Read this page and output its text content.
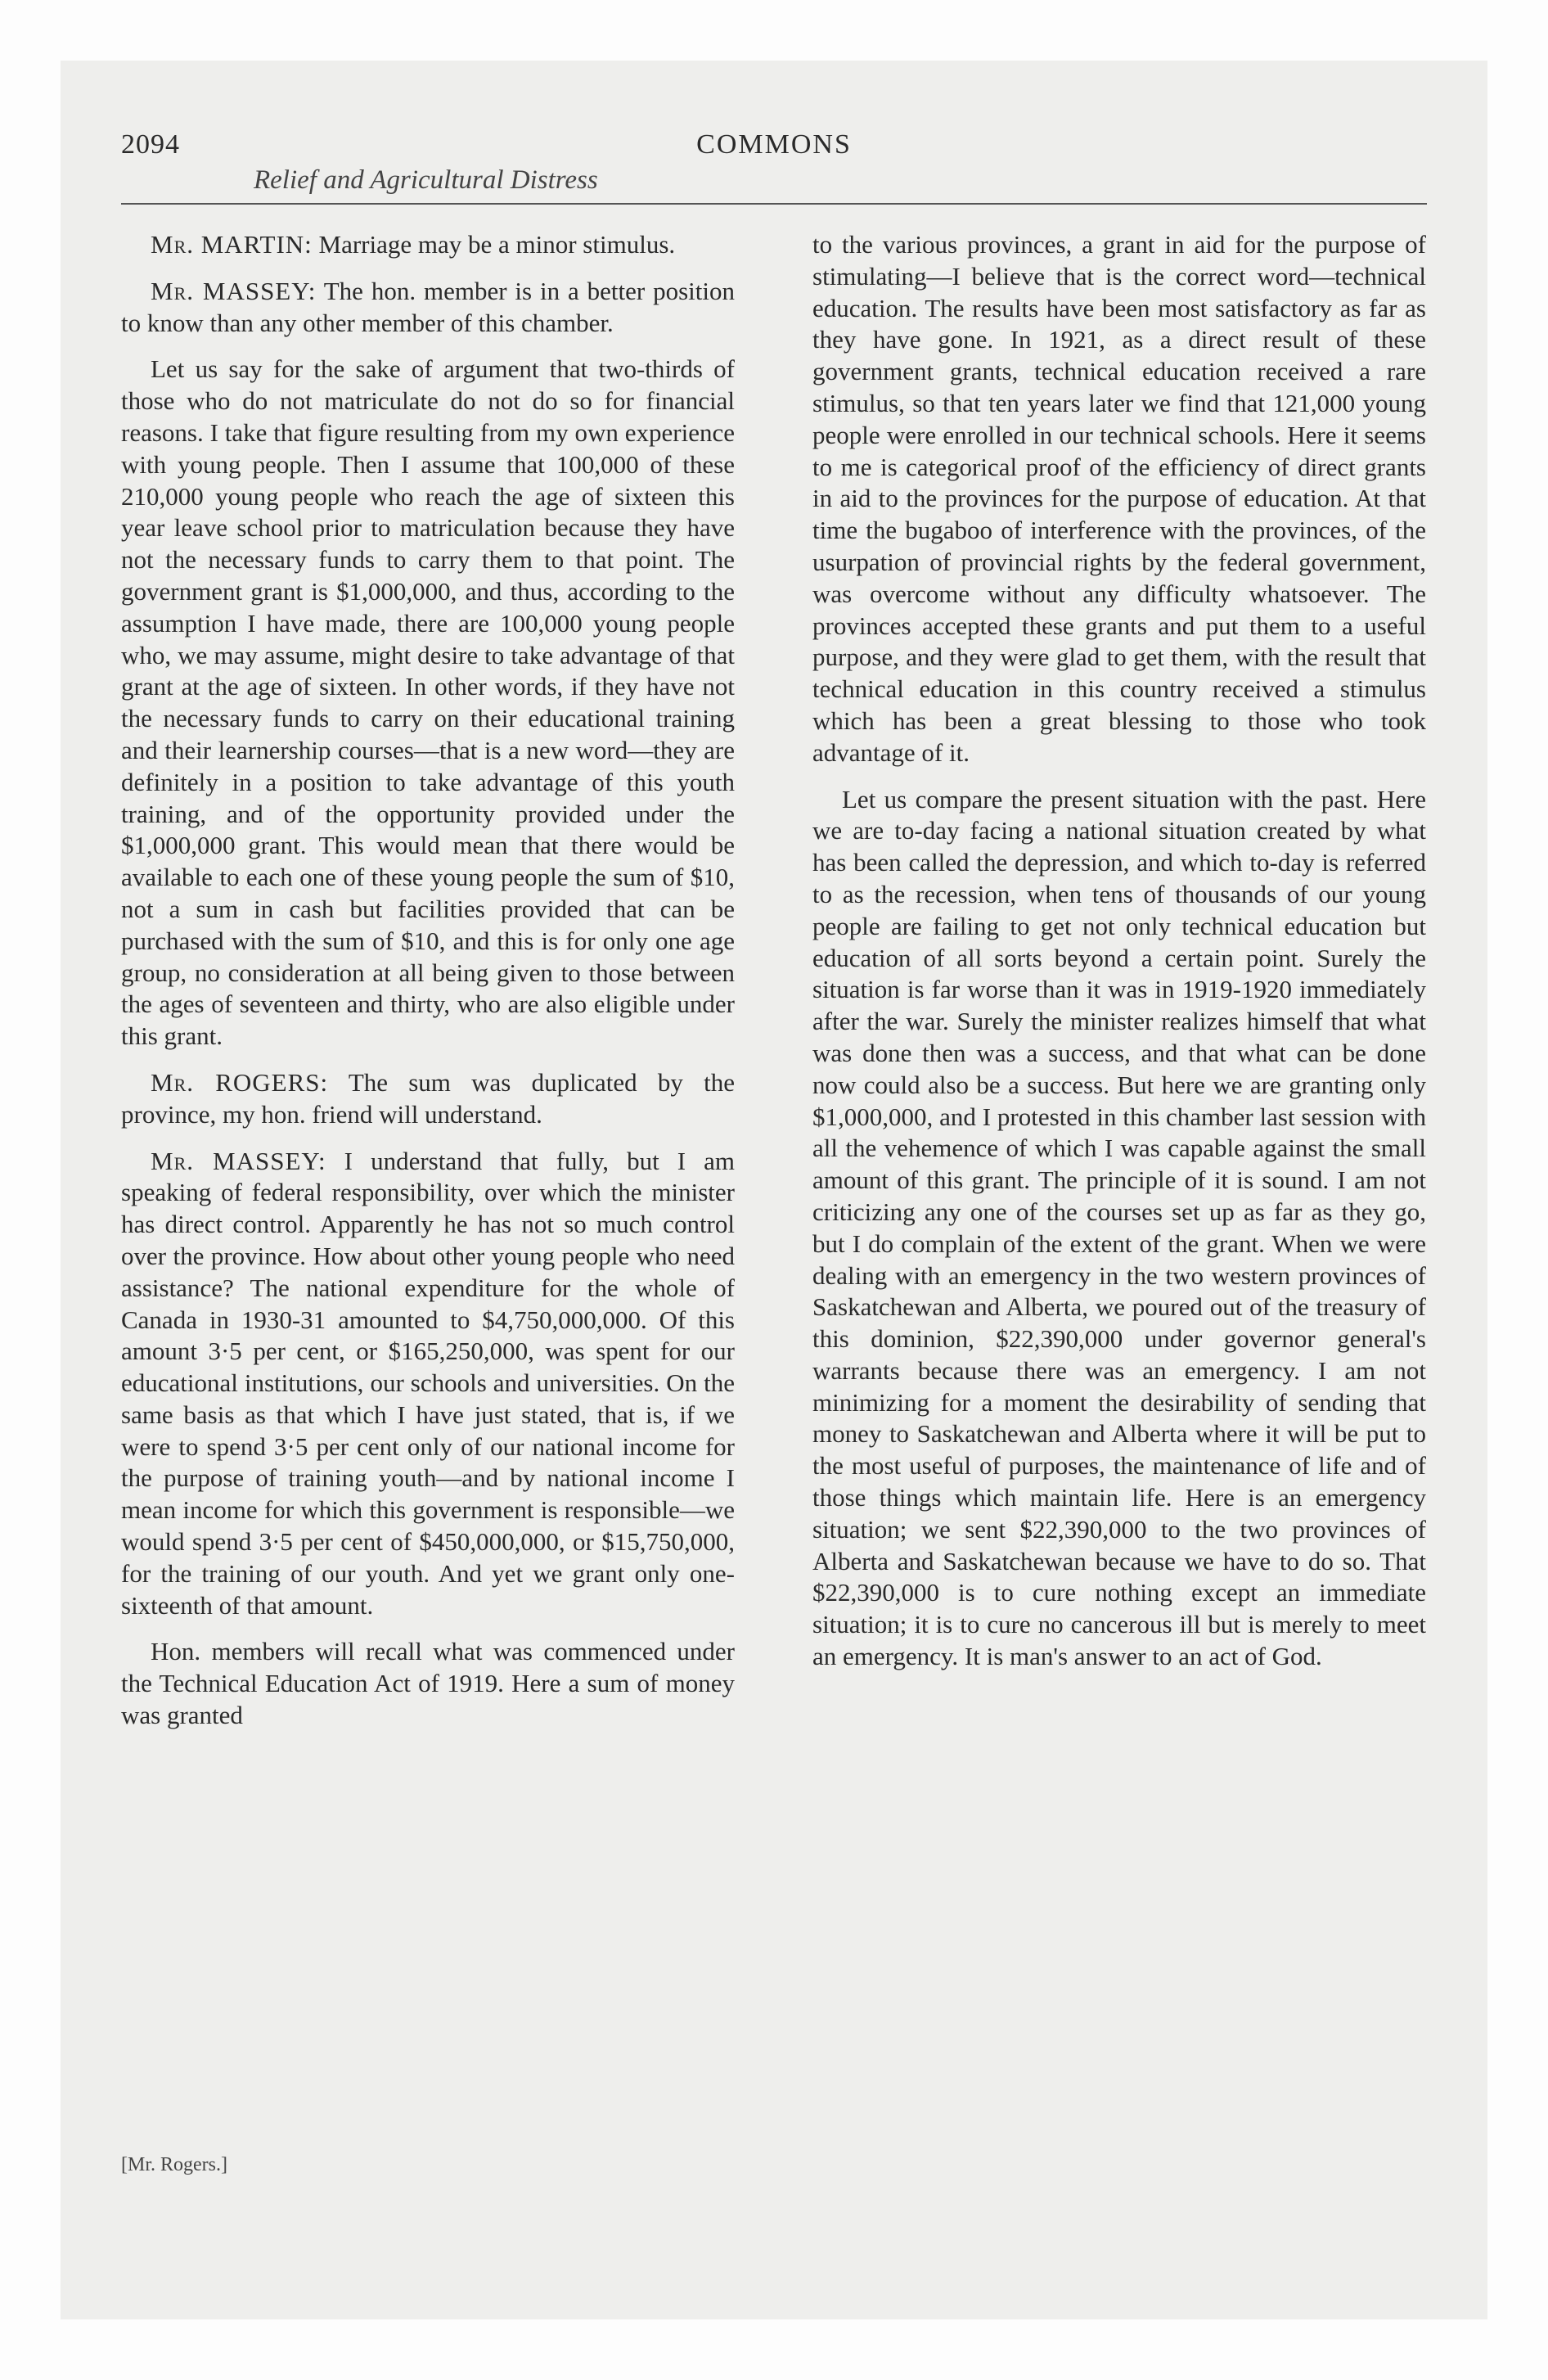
2094	COMMONS
Relief and Agricultural Distress

Mr. MARTIN: Marriage may be a minor stimulus.

Mr. MASSEY: The hon. member is in a better position to know than any other member of this chamber.

Let us say for the sake of argument that two-thirds of those who do not matriculate do not do so for financial reasons. I take that figure resulting from my own experience with young people. Then I assume that 100,000 of these 210,000 young people who reach the age of sixteen this year leave school prior to matriculation because they have not the necessary funds to carry them to that point. The government grant is $1,000,000, and thus, according to the assumption I have made, there are 100,000 young people who, we may assume, might desire to take advantage of that grant at the age of sixteen. In other words, if they have not the necessary funds to carry on their educational training and their learnership courses—that is a new word—they are definitely in a position to take advantage of this youth training, and of the opportunity provided under the $1,000,000 grant. This would mean that there would be available to each one of these young people the sum of $10, not a sum in cash but facilities provided that can be purchased with the sum of $10, and this is for only one age group, no consideration at all being given to those between the ages of seventeen and thirty, who are also eligible under this grant.

Mr. ROGERS: The sum was duplicated by the province, my hon. friend will understand.

Mr. MASSEY: I understand that fully, but I am speaking of federal responsibility, over which the minister has direct control. Apparently he has not so much control over the province. How about other young people who need assistance? The national expenditure for the whole of Canada in 1930-31 amounted to $4,750,000,000. Of this amount 3·5 per cent, or $165,250,000, was spent for our educational institutions, our schools and universities. On the same basis as that which I have just stated, that is, if we were to spend 3·5 per cent only of our national income for the purpose of training youth—and by national income I mean income for which this government is responsible—we would spend 3·5 per cent of $450,000,000, or $15,750,000, for the training of our youth. And yet we grant only one-sixteenth of that amount.

Hon. members will recall what was commenced under the Technical Education Act of 1919. Here a sum of money was granted

to the various provinces, a grant in aid for the purpose of stimulating—I believe that is the correct word—technical education. The results have been most satisfactory as far as they have gone. In 1921, as a direct result of these government grants, technical education received a rare stimulus, so that ten years later we find that 121,000 young people were enrolled in our technical schools. Here it seems to me is categorical proof of the efficiency of direct grants in aid to the provinces for the purpose of education. At that time the bugaboo of interference with the provinces, of the usurpation of provincial rights by the federal government, was overcome without any difficulty whatsoever. The provinces accepted these grants and put them to a useful purpose, and they were glad to get them, with the result that technical education in this country received a stimulus which has been a great blessing to those who took advantage of it.

Let us compare the present situation with the past. Here we are to-day facing a national situation created by what has been called the depression, and which to-day is referred to as the recession, when tens of thousands of our young people are failing to get not only technical education but education of all sorts beyond a certain point. Surely the situation is far worse than it was in 1919-1920 immediately after the war. Surely the minister realizes himself that what was done then was a success, and that what can be done now could also be a success. But here we are granting only $1,000,000, and I protested in this chamber last session with all the vehemence of which I was capable against the small amount of this grant. The principle of it is sound. I am not criticizing any one of the courses set up as far as they go, but I do complain of the extent of the grant. When we were dealing with an emergency in the two western provinces of Saskatchewan and Alberta, we poured out of the treasury of this dominion, $22,390,000 under governor general's warrants because there was an emergency. I am not minimizing for a moment the desirability of sending that money to Saskatchewan and Alberta where it will be put to the most useful of purposes, the maintenance of life and of those things which maintain life. Here is an emergency situation; we sent $22,390,000 to the two provinces of Alberta and Saskatchewan because we have to do so. That $22,390,000 is to cure nothing except an immediate situation; it is to cure no cancerous ill but is merely to meet an emergency. It is man's answer to an act of God.

[Mr. Rogers.]
